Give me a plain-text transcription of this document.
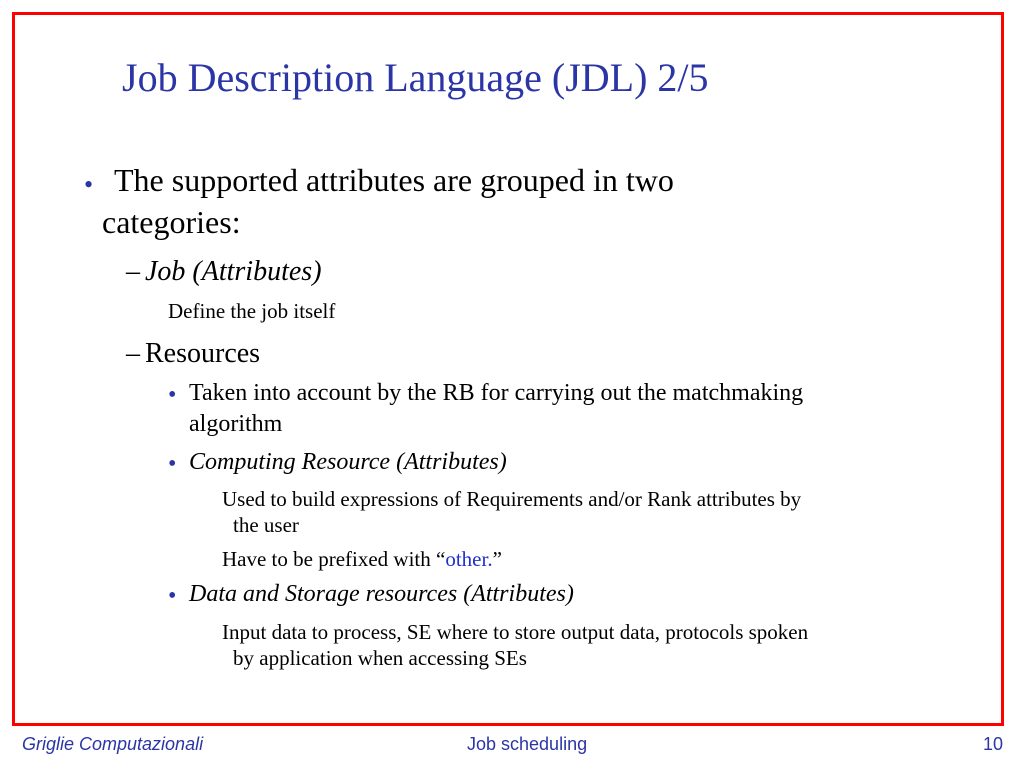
Job Description Language (JDL) 2/5
• The supported attributes are grouped in two
categories:
– Job (Attributes)
Define the job itself
– Resources
• Taken into account by the RB for carrying out the matchmaking
algorithm
• Computing Resource (Attributes)
Used to build expressions of Requirements and/or Rank attributes by
the user
Have to be prefixed with “other.”
• Data and Storage resources (Attributes)
Input data to process, SE where to store output data, protocols spoken
by application when accessing SEs
Griglie Computazionali	Job scheduling	10
